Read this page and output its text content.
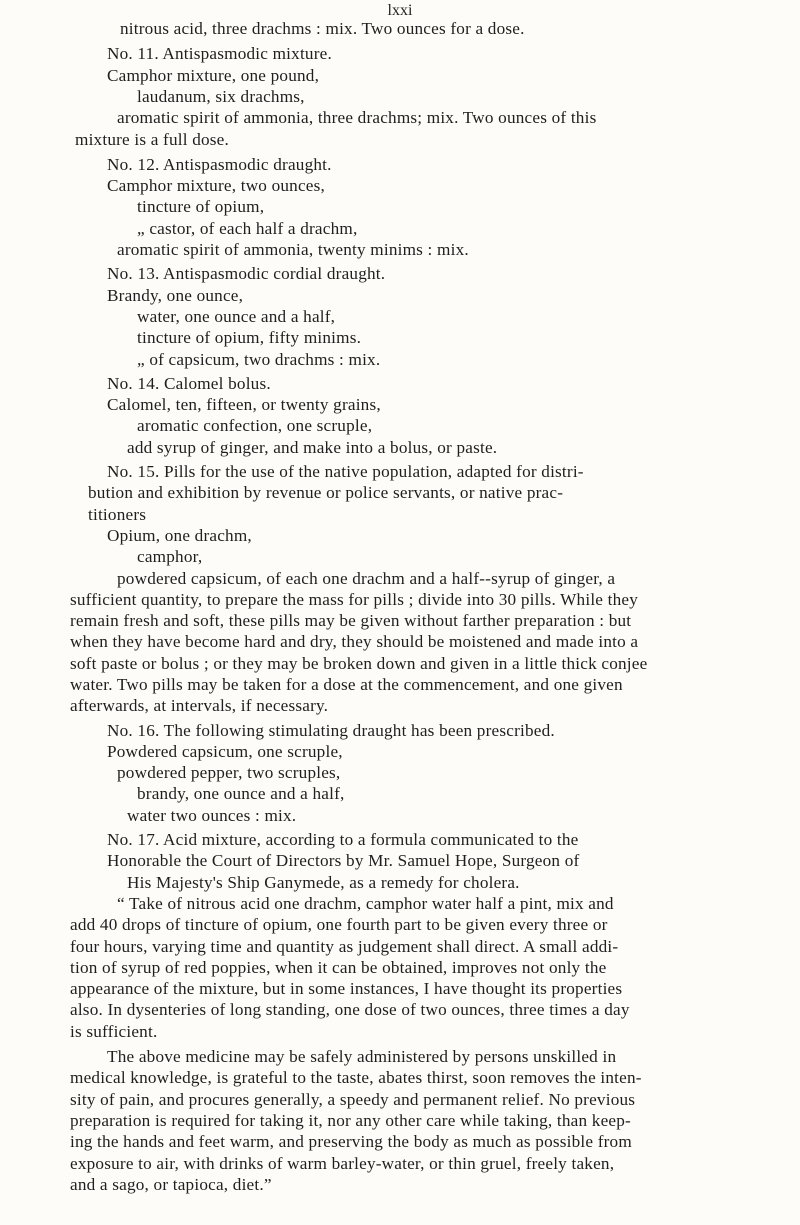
lxxi
nitrous acid, three drachms : mix. Two ounces for a dose.
No. 11. Antispasmodic mixture.
Camphor mixture, one pound,
laudanum, six drachms,
aromatic spirit of ammonia, three drachms; mix. Two ounces of this
mixture is a full dose.
No. 12. Antispasmodic draught.
Camphor mixture, two ounces,
tincture of opium,
„ castor, of each half a drachm,
aromatic spirit of ammonia, twenty minims : mix.
No. 13. Antispasmodic cordial draught.
Brandy, one ounce,
water, one ounce and a half,
tincture of opium, fifty minims.
„ of capsicum, two drachms : mix.
No. 14. Calomel bolus.
Calomel, ten, fifteen, or twenty grains,
aromatic confection, one scruple,
add syrup of ginger, and make into a bolus, or paste.
No. 15. Pills for the use of the native population, adapted for distri-
bution and exhibition by revenue or police servants, or native prac-
titioners
Opium, one drachm,
camphor,
powdered capsicum, of each one drachm and a half--syrup of ginger, a
sufficient quantity, to prepare the mass for pills ; divide into 30 pills. While they
remain fresh and soft, these pills may be given without farther preparation : but
when they have become hard and dry, they should be moistened and made into a
soft paste or bolus ; or they may be broken down and given in a little thick conjee
water. Two pills may be taken for a dose at the commencement, and one given
afterwards, at intervals, if necessary.
No. 16. The following stimulating draught has been prescribed.
Powdered capsicum, one scruple,
powdered pepper, two scruples,
brandy, one ounce and a half,
water two ounces : mix.
No. 17. Acid mixture, according to a formula communicated to the
Honorable the Court of Directors by Mr. Samuel Hope, Surgeon of
His Majesty's Ship Ganymede, as a remedy for cholera.
“ Take of nitrous acid one drachm, camphor water half a pint, mix and
add 40 drops of tincture of opium, one fourth part to be given every three or
four hours, varying time and quantity as judgement shall direct. A small addi-
tion of syrup of red poppies, when it can be obtained, improves not only the
appearance of the mixture, but in some instances, I have thought its properties
also. In dysenteries of long standing, one dose of two ounces, three times a day
is sufficient.
The above medicine may be safely administered by persons unskilled in
medical knowledge, is grateful to the taste, abates thirst, soon removes the inten-
sity of pain, and procures generally, a speedy and permanent relief. No previous
preparation is required for taking it, nor any other care while taking, than keep-
ing the hands and feet warm, and preserving the body as much as possible from
exposure to air, with drinks of warm barley-water, or thin gruel, freely taken,
and a sago, or tapioca, diet.”
